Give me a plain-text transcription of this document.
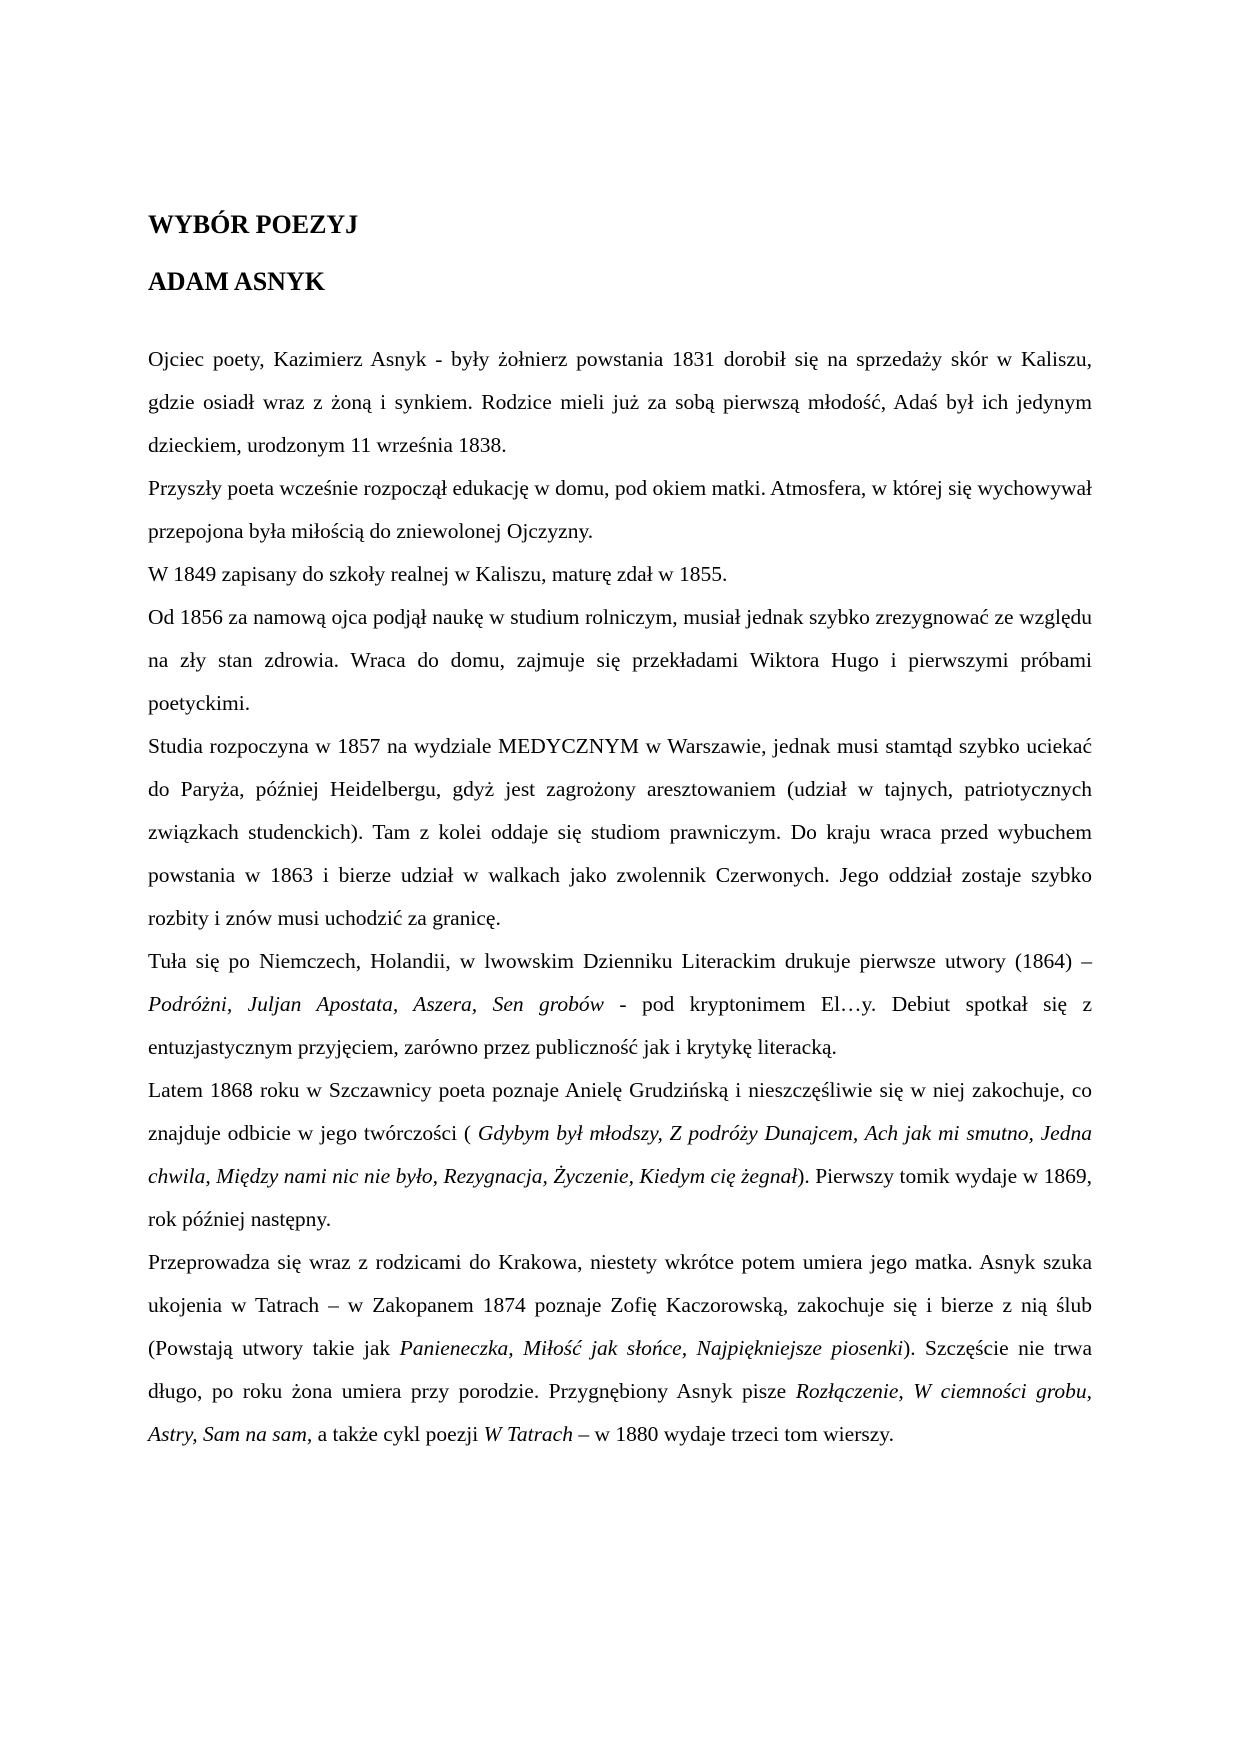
WYBÓR POEZYJ

ADAM ASNYK

Ojciec poety, Kazimierz Asnyk - były żołnierz powstania 1831 dorobił się na sprzedaży skór w Kaliszu, gdzie osiadł wraz z żoną i synkiem. Rodzice mieli już za sobą pierwszą młodość, Adaś był ich jedynym dzieckiem, urodzonym 11 września 1838.

Przyszły poeta wcześnie rozpoczął edukację w domu, pod okiem matki. Atmosfera, w której się wychowywał przepojona była miłością do zniewolonej Ojczyzny.

W 1849 zapisany do szkoły realnej w Kaliszu, maturę zdał w 1855.

Od 1856 za namową ojca podjął naukę w studium rolniczym, musiał jednak szybko zrezygnować ze względu na zły stan zdrowia. Wraca do domu, zajmuje się przekładami Wiktora Hugo i pierwszymi próbami poetyckimi.

Studia rozpoczyna w 1857 na wydziale MEDYCZNYM w Warszawie, jednak musi stamtąd szybko uciekać do Paryża, później Heidelbergu, gdyż jest zagrożony aresztowaniem (udział w tajnych, patriotycznych związkach studenckich). Tam z kolei oddaje się studiom prawniczym. Do kraju wraca przed wybuchem powstania w 1863 i bierze udział w walkach jako zwolennik Czerwonych. Jego oddział zostaje szybko rozbity i znów musi uchodzić za granicę.

Tuła się po Niemczech, Holandii, w lwowskim Dzienniku Literackim drukuje pierwsze utwory (1864) – Podróżni, Juljan Apostata, Aszera, Sen grobów - pod kryptonimem El…y. Debiut spotkał się z entuzjastycznym przyjęciem, zarówno przez publiczność jak i krytykę literacką.

Latem 1868 roku w Szczawnicy poeta poznaje Anielę Grudzińską i nieszczęśliwie się w niej zakochuje, co znajduje odbicie w jego twórczości ( Gdybym był młodszy, Z podróży Dunajcem, Ach jak mi smutno, Jedna chwila, Między nami nic nie było, Rezygnacja, Życzenie, Kiedym cię żegnał). Pierwszy tomik wydaje w 1869, rok później następny.

Przeprowadza się wraz z rodzicami do Krakowa, niestety wkrótce potem umiera jego matka. Asnyk szuka ukojenia w Tatrach – w Zakopanem 1874 poznaje Zofię Kaczorowską, zakochuje się i bierze z nią ślub (Powstają utwory takie jak Panieneczka, Miłość jak słońce, Najpiękniejsze piosenki). Szczęście nie trwa długo, po roku żona umiera przy porodzie. Przygnębiony Asnyk pisze Rozłączenie, W ciemności grobu, Astry, Sam na sam, a także cykl poezji W Tatrach – w 1880 wydaje trzeci tom wierszy.
